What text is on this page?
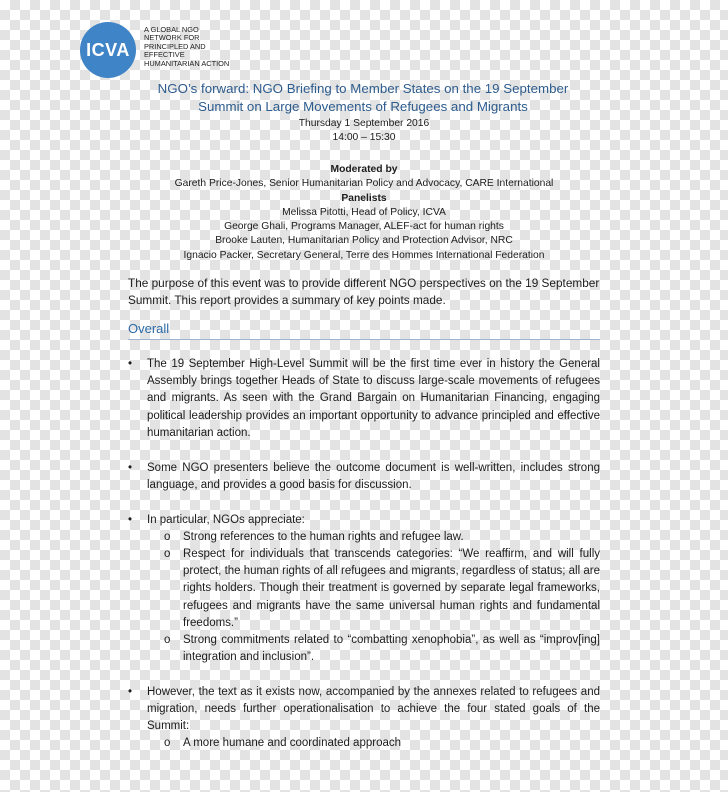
ICVA
A GLOBAL NGO NETWORK FOR PRINCIPLED AND EFFECTIVE HUMANITARIAN ACTION
NGO’s forward: NGO Briefing to Member States on the 19 September
Summit on Large Movements of Refugees and Migrants
Thursday 1 September 2016
14:00 – 15:30
Moderated by
Gareth Price-Jones, Senior Humanitarian Policy and Advocacy, CARE International
Panelists
Melissa Pitotti, Head of Policy, ICVA
George Ghali, Programs Manager, ALEF-act for human rights
Brooke Lauten, Humanitarian Policy and Protection Advisor, NRC
Ignacio Packer, Secretary General, Terre des Hommes International Federation
The purpose of this event was to provide different NGO perspectives on the 19 September Summit. This report provides a summary of key points made.
Overall
•	The 19 September High-Level Summit will be the first time ever in history the General Assembly brings together Heads of State to discuss large-scale movements of refugees and migrants. As seen with the Grand Bargain on Humanitarian Financing, engaging political leadership provides an important opportunity to advance principled and effective humanitarian action.
•	Some NGO presenters believe the outcome document is well-written, includes strong language, and provides a good basis for discussion.
•	In particular, NGOs appreciate:
o Strong references to the human rights and refugee law.
o Respect for individuals that transcends categories: “We reaffirm, and will fully protect, the human rights of all refugees and migrants, regardless of status; all are rights holders. Though their treatment is governed by separate legal frameworks, refugees and migrants have the same universal human rights and fundamental freedoms.”
o Strong commitments related to “combatting xenophobia”, as well as “improv[ing] integration and inclusion”.
•	However, the text as it exists now, accompanied by the annexes related to refugees and migration, needs further operationalisation to achieve the four stated goals of the Summit:
o A more humane and coordinated approach
